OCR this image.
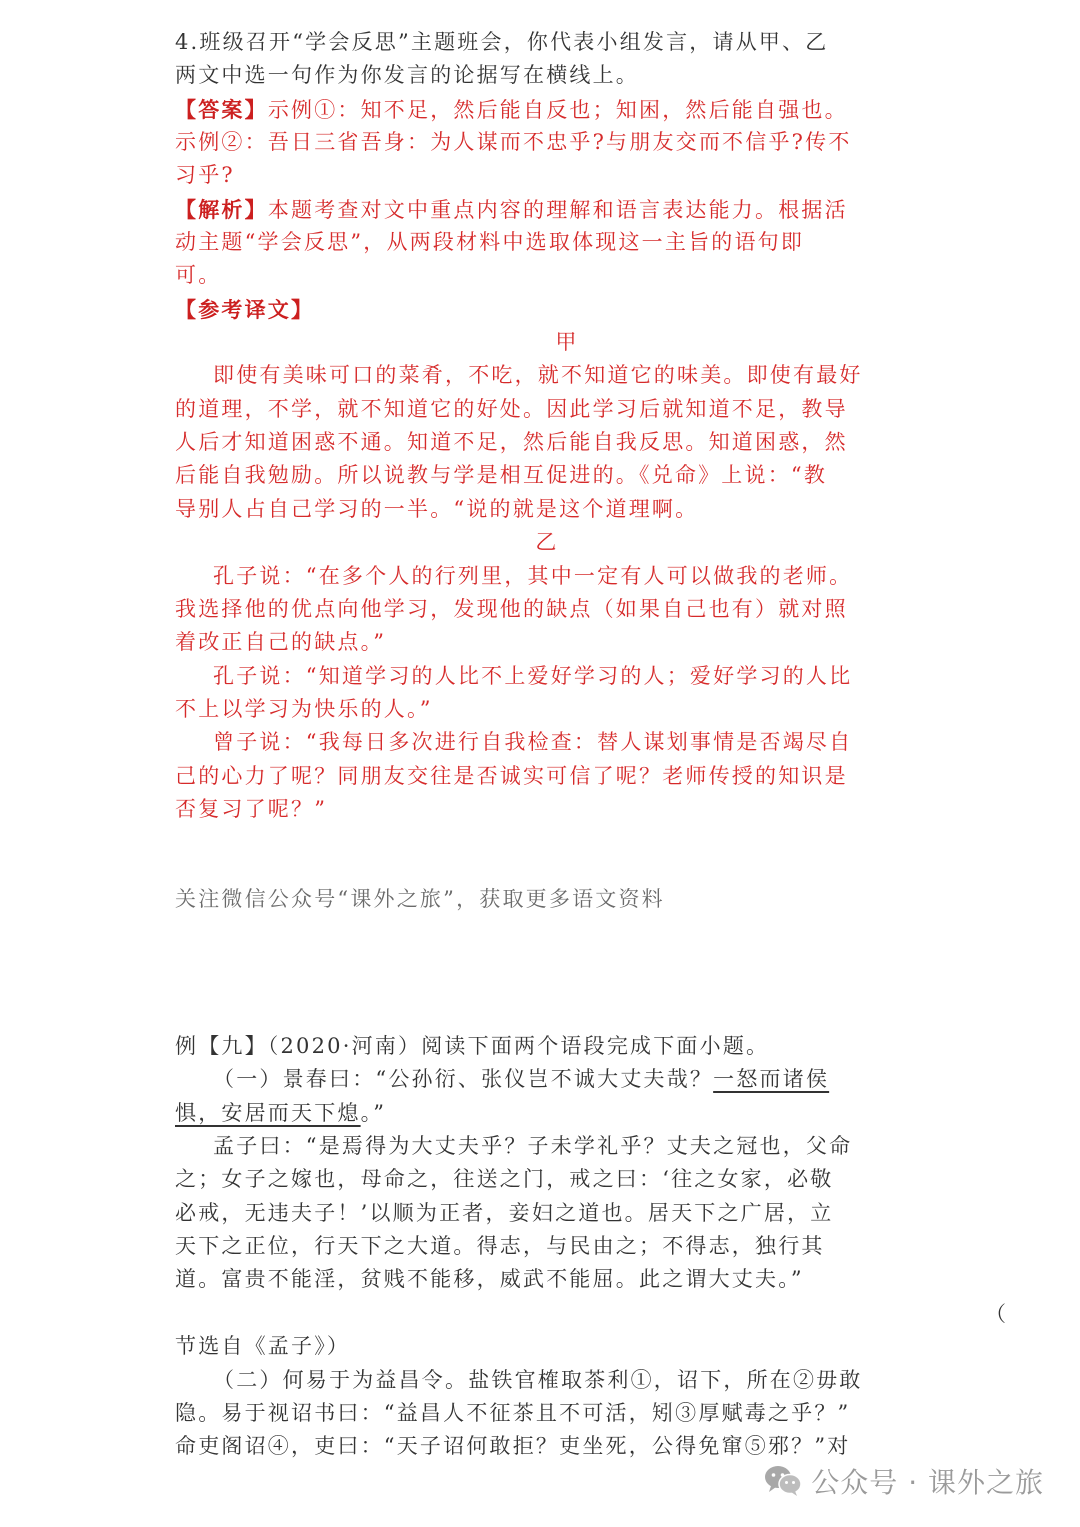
4.班级召开“学会反思”主题班会，你代表小组发言，请从甲、乙
两文中选一句作为你发言的论据写在横线上。
【答案】示例①：知不足，然后能自反也；知困，然后能自强也。
示例②：吾日三省吾身：为人谋而不忠乎?与朋友交而不信乎?传不
习乎?
【解析】本题考查对文中重点内容的理解和语言表达能力。根据活
动主题“学会反思”，从两段材料中选取体现这一主旨的语句即
可。
【参考译文】
甲
即使有美味可口的菜肴，不吃，就不知道它的味美。即使有最好
的道理，不学，就不知道它的好处。因此学习后就知道不足，教导
人后才知道困惑不通。知道不足，然后能自我反思。知道困惑，然
后能自我勉励。所以说教与学是相互促进的。《兑命》上说：“教
导别人占自己学习的一半。“说的就是这个道理啊。
乙
孔子说：“在多个人的行列里，其中一定有人可以做我的老师。
我选择他的优点向他学习，发现他的缺点（如果自己也有）就对照
着改正自己的缺点。”
孔子说：“知道学习的人比不上爱好学习的人；爱好学习的人比
不上以学习为快乐的人。”
曾子说：“我每日多次进行自我检查：替人谋划事情是否竭尽自
己的心力了呢？同朋友交往是否诚实可信了呢？老师传授的知识是
否复习了呢？”
关注微信公众号“课外之旅”，获取更多语文资料
例【九】（2020·河南）阅读下面两个语段完成下面小题。
（一）景春曰：“公孙衍、张仪岂不诚大丈夫哉？一怒而诸侯
惧，安居而天下熄。”
孟子曰：“是焉得为大丈夫乎？子未学礼乎？丈夫之冠也，父命
之；女子之嫁也，母命之，往送之门，戒之曰：‘往之女家，必敬
必戒，无违夫子！’以顺为正者，妾妇之道也。居天下之广居，立
天下之正位，行天下之大道。得志，与民由之；不得志，独行其
道。富贵不能淫，贫贱不能移，威武不能屈。此之谓大丈夫。”
（
节选自《孟子》）
（二）何易于为益昌令。盐铁官榷取茶利①，诏下，所在②毋敢
隐。易于视诏书曰：“益昌人不征茶且不可活，矧③厚赋毒之乎？”
命吏阁诏④，吏曰：“天子诏何敢拒？吏坐死，公得免窜⑤邪？”对
公众号 · 课外之旅
